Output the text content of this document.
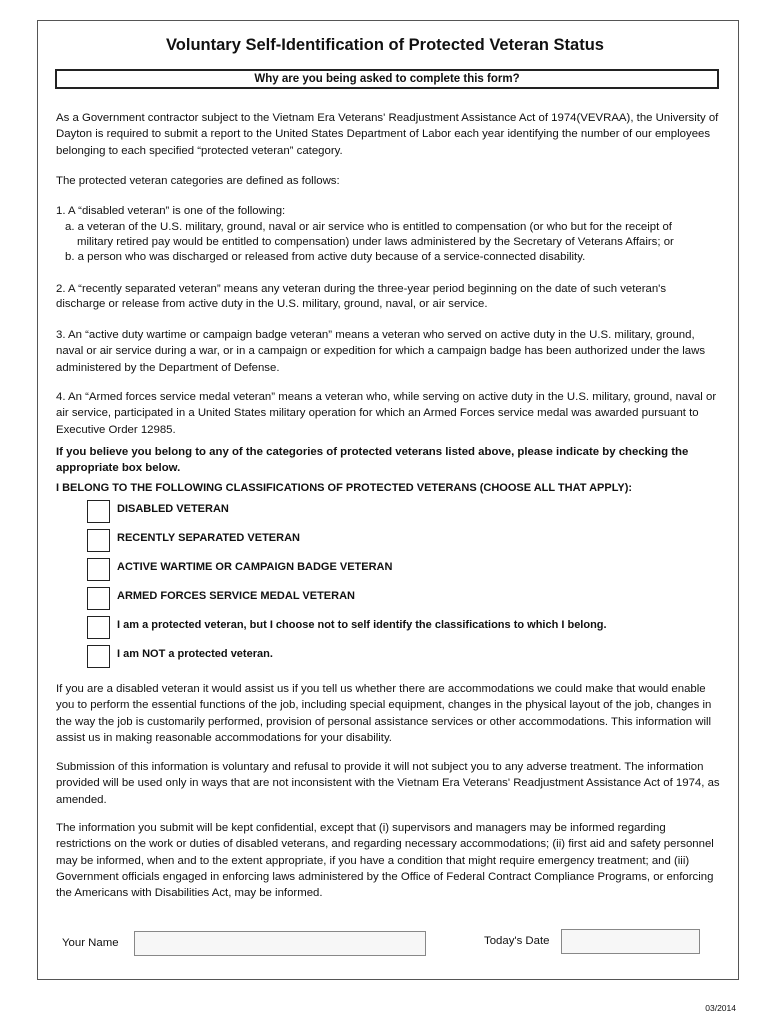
Voluntary Self-Identification of Protected Veteran Status
Why are you being asked to complete this form?

As a Government contractor subject to the Vietnam Era Veterans' Readjustment Assistance Act of 1974(VEVRAA), the University of Dayton is required to submit a report to the United States Department of Labor each year identifying the number of our employees belonging to each specified “protected veteran” category.

The protected veteran categories are defined as follows:

1. A “disabled veteran” is one of the following:
a. a veteran of the U.S. military, ground, naval or air service who is entitled to compensation (or who but for the receipt of
military retired pay would be entitled to compensation) under laws administered by the Secretary of Veterans Affairs; or
b. a person who was discharged or released from active duty because of a service-connected disability.
2. A “recently separated veteran” means any veteran during the three-year period beginning on the date of such veteran's
discharge or release from active duty in the U.S. military, ground, naval, or air service.

3. An “active duty wartime or campaign badge veteran” means a veteran who served on active duty in the U.S. military, ground, naval or air service during a war, or in a campaign or expedition for which a campaign badge has been authorized under the laws administered by the Department of Defense.

4. An “Armed forces service medal veteran” means a veteran who, while serving on active duty in the U.S. military, ground, naval or air service, participated in a United States military operation for which an Armed Forces service medal was awarded pursuant to Executive Order 12985.

If you believe you belong to any of the categories of protected veterans listed above, please indicate by checking the appropriate box below.

I BELONG TO THE FOLLOWING CLASSIFICATIONS OF PROTECTED VETERANS (CHOOSE ALL THAT APPLY):
DISABLED VETERAN
RECENTLY SEPARATED VETERAN
ACTIVE WARTIME OR CAMPAIGN BADGE VETERAN
ARMED FORCES SERVICE MEDAL VETERAN
I am a protected veteran, but I choose not to self identify the classifications to which I belong.
I am NOT a protected veteran.

If you are a disabled veteran it would assist us if you tell us whether there are accommodations we could make that would enable you to perform the essential functions of the job, including special equipment, changes in the physical layout of the job, changes in the way the job is customarily performed, provision of personal assistance services or other accommodations. This information will assist us in making reasonable accommodations for your disability.

Submission of this information is voluntary and refusal to provide it will not subject you to any adverse treatment. The information provided will be used only in ways that are not inconsistent with the Vietnam Era Veterans' Readjustment Assistance Act of 1974, as amended.

The information you submit will be kept confidential, except that (i) supervisors and managers may be informed regarding restrictions on the work or duties of disabled veterans, and regarding necessary accommodations; (ii) first aid and safety personnel may be informed, when and to the extent appropriate, if you have a condition that might require emergency treatment; and (iii) Government officials engaged in enforcing laws administered by the Office of Federal Contract Compliance Programs, or enforcing the Americans with Disabilities Act, may be informed.

Your Name	Today's Date
03/2014
